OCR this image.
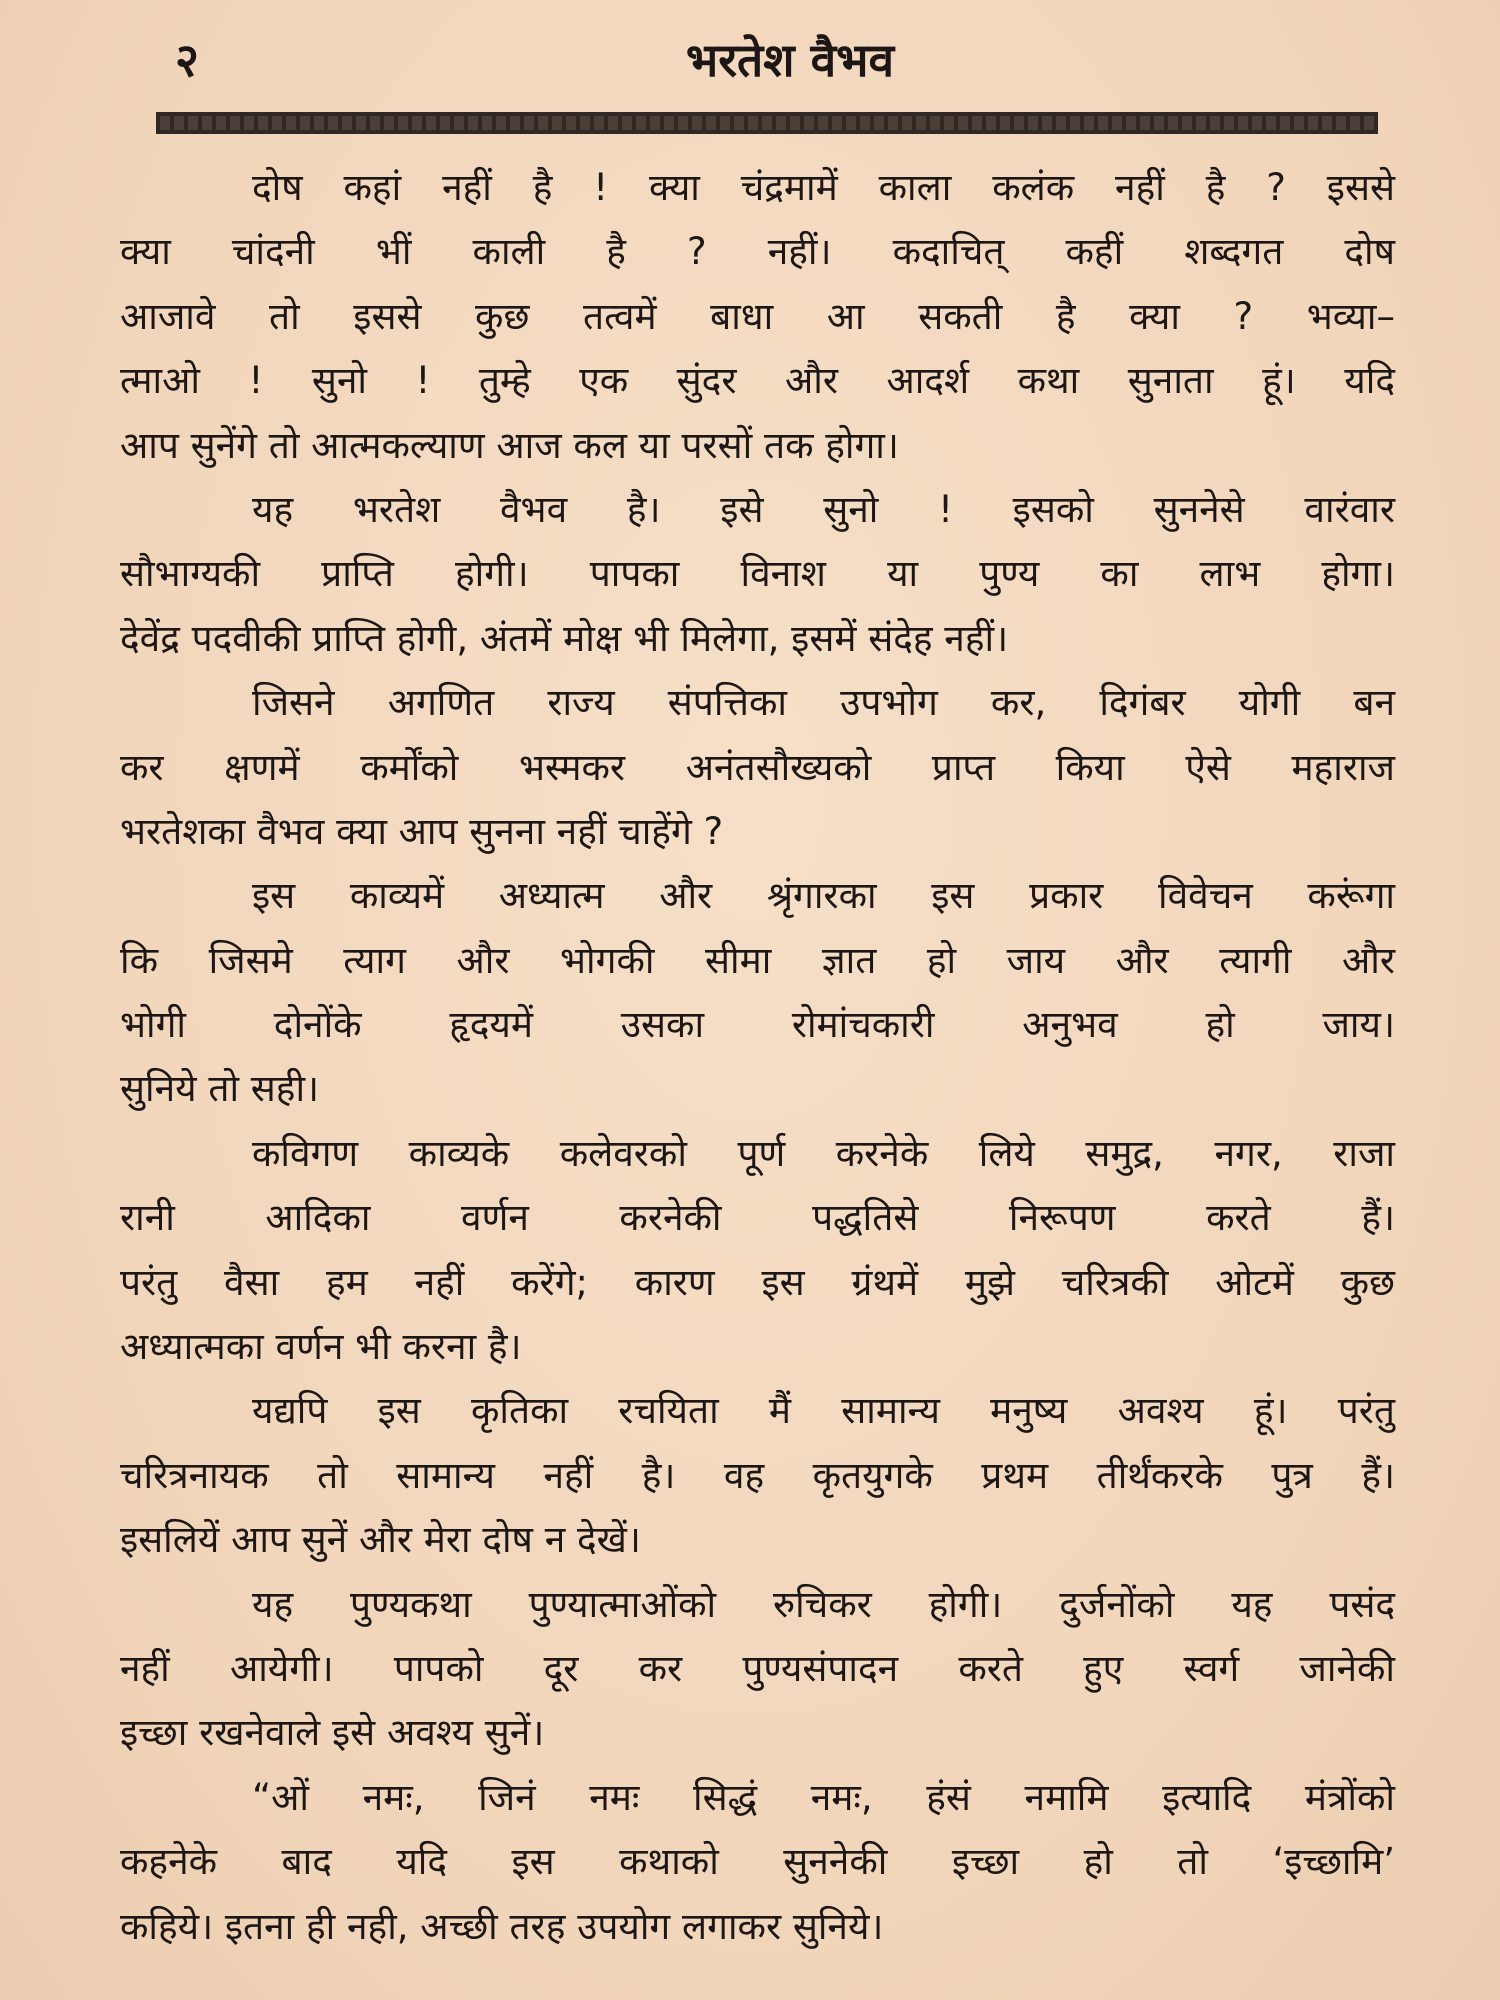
२	भरतेश वैभव
दोष कहां नहीं है ! क्या चंद्रमामें काला कलंक नहीं है ? इससे
क्या चांदनी भीं काली है ? नहीं। कदाचित् कहीं शब्दगत दोष
आजावे तो इससे कुछ तत्वमें बाधा आ सकती है क्या ? भव्या–
त्माओ ! सुनो ! तुम्हे एक सुंदर और आदर्श कथा सुनाता हूं। यदि
आप सुनेंगे तो आत्मकल्याण आज कल या परसों तक होगा।
यह भरतेश वैभव है। इसे सुनो ! इसको सुननेसे वारंवार
सौभाग्यकी प्राप्ति होगी। पापका विनाश या पुण्य का लाभ होगा।
देवेंद्र पदवीकी प्राप्ति होगी, अंतमें मोक्ष भी मिलेगा, इसमें संदेह नहीं।
जिसने अगणित राज्य संपत्तिका उपभोग कर, दिगंबर योगी बन
कर क्षणमें कर्मोंको भस्मकर अनंतसौख्यको प्राप्त किया ऐसे महाराज
भरतेशका वैभव क्या आप सुनना नहीं चाहेंगे ?
इस काव्यमें अध्यात्म और श्रृंगारका इस प्रकार विवेचन करूंगा
कि जिसमे त्याग और भोगकी सीमा ज्ञात हो जाय और त्यागी और
भोगी दोनोंके हृदयमें उसका रोमांचकारी अनुभव हो जाय।
सुनिये तो सही।
कविगण काव्यके कलेवरको पूर्ण करनेके लिये समुद्र, नगर, राजा
रानी आदिका वर्णन करनेकी पद्धतिसे निरूपण करते हैं।
परंतु वैसा हम नहीं करेंगे; कारण इस ग्रंथमें मुझे चरित्रकी ओटमें कुछ
अध्यात्मका वर्णन भी करना है।
यद्यपि इस कृतिका रचयिता मैं सामान्य मनुष्य अवश्य हूं। परंतु
चरित्रनायक तो सामान्य नहीं है। वह कृतयुगके प्रथम तीर्थंकरके पुत्र हैं।
इसलियें आप सुनें और मेरा दोष न देखें।
यह पुण्यकथा पुण्यात्माओंको रुचिकर होगी। दुर्जनोंको यह पसंद
नहीं आयेगी। पापको दूर कर पुण्यसंपादन करते हुए स्वर्ग जानेकी
इच्छा रखनेवाले इसे अवश्य सुनें।
“ओं नमः, जिनं नमः सिद्धं नमः, हंसं नमामि इत्यादि मंत्रोंको
कहनेके बाद यदि इस कथाको सुननेकी इच्छा हो तो ‘इच्छामि’
कहिये। इतना ही नही, अच्छी तरह उपयोग लगाकर सुनिये।
